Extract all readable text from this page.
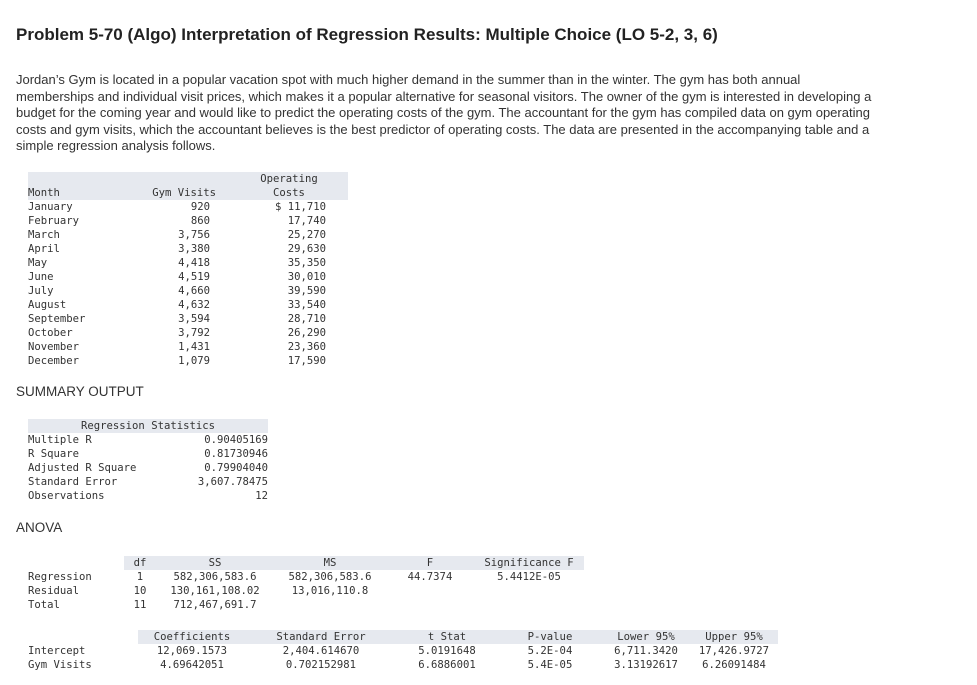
Problem 5-70 (Algo) Interpretation of Regression Results: Multiple Choice (LO 5-2, 3, 6)
Jordan’s Gym is located in a popular vacation spot with much higher demand in the summer than in the winter. The gym has both annual memberships and individual visit prices, which makes it a popular alternative for seasonal visitors. The owner of the gym is interested in developing a budget for the coming year and would like to predict the operating costs of the gym. The accountant for the gym has compiled data on gym operating costs and gym visits, which the accountant believes is the best predictor of operating costs. The data are presented in the accompanying table and a simple regression analysis follows.
Month	Gym Visits	Operating
Costs
January	920	$ 11,710
February	860	17,740
March	3,756	25,270
April	3,380	29,630
May	4,418	35,350
June	4,519	30,010
July	4,660	39,590
August	4,632	33,540
September	3,594	28,710
October	3,792	26,290
November	1,431	23,360
December	1,079	17,590
SUMMARY OUTPUT
Regression Statistics	
Multiple R	0.90405169
R Square	0.81730946
Adjusted R Square	0.79904040
Standard Error	3,607.78475
Observations	12
ANOVA
	df	SS	MS	F	Significance F
Regression	1	582,306,583.6	582,306,583.6	44.7374	5.4412E-05
Residual	10	130,161,108.02	13,016,110.8		
Total	11	712,467,691.7			
	Coefficients	Standard Error	t Stat	P-value	Lower 95%	Upper 95%
Intercept	12,069.1573	2,404.614670	5.0191648	5.2E-04	6,711.3420	17,426.9727
Gym Visits	4.69642051	0.702152981	6.6886001	5.4E-05	3.13192617	6.26091484
